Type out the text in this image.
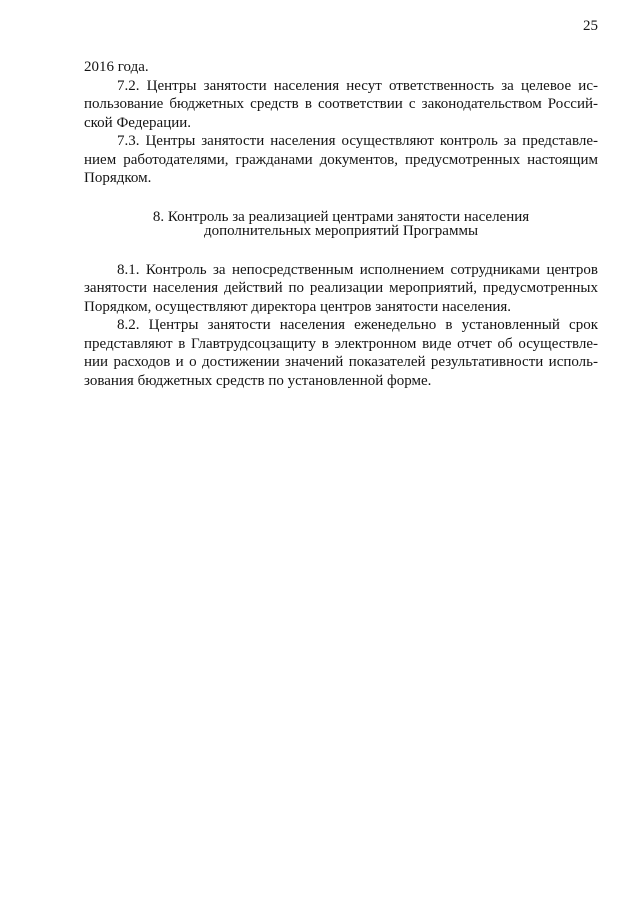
25

2016 года.

7.2. Центры занятости населения несут ответственность за целевое ис-
пользование бюджетных средств в соответствии с законодательством Россий-
ской Федерации.

7.3. Центры занятости населения осуществляют контроль за представле-
нием работодателями, гражданами документов, предусмотренных настоящим
Порядком.

8. Контроль за реализацией центрами занятости населения
дополнительных мероприятий Программы

8.1. Контроль за непосредственным исполнением сотрудниками центров
занятости населения действий по реализации мероприятий, предусмотренных
Порядком, осуществляют директора центров занятости населения.

8.2. Центры занятости населения еженедельно в установленный срок
представляют в Главтрудсоцзащиту в электронном виде отчет об осуществле-
нии расходов и о достижении значений показателей результативности исполь-
зования бюджетных средств по установленной форме.
